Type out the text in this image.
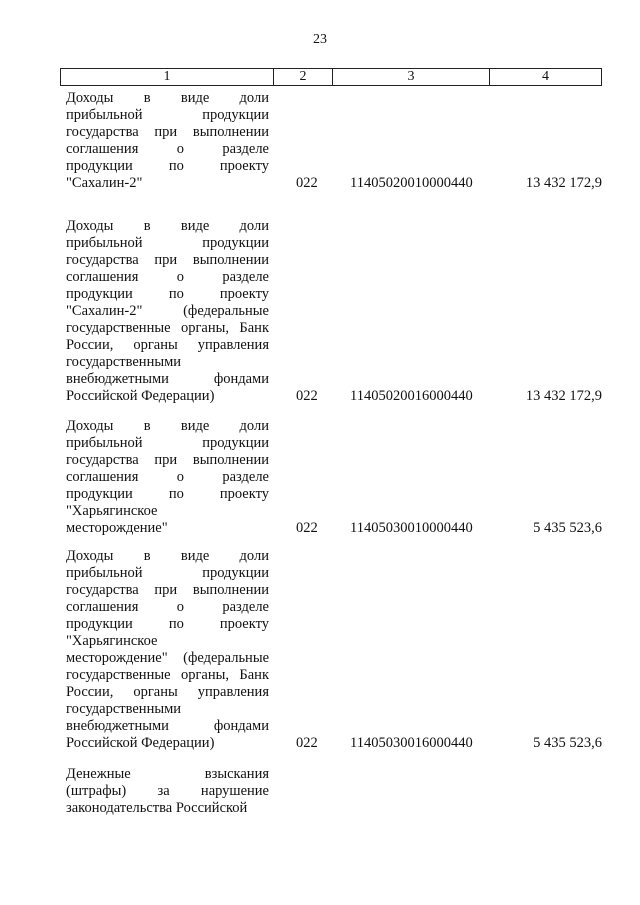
23
1	2	3	4
Доходы в виде доли
прибыльной продукции
государства при выполнении
соглашения о разделе
продукции по проекту
"Сахалин-2"	022 11405020010000440	13 432 172,9
Доходы в виде доли
прибыльной продукции
государства при выполнении
соглашения о разделе
продукции по проекту
"Сахалин-2" (федеральные
государственные органы, Банк
России, органы управления
государственными
внебюджетными фондами
Российской Федерации)	022 11405020016000440	13 432 172,9
Доходы в виде доли
прибыльной продукции
государства при выполнении
соглашения о разделе
продукции по проекту
"Харьягинское
месторождение"	022 11405030010000440	5 435 523,6
Доходы в виде доли
прибыльной продукции
государства при выполнении
соглашения о разделе
продукции по проекту
"Харьягинское
месторождение" (федеральные
государственные органы, Банк
России, органы управления
государственными
внебюджетными фондами
Российской Федерации)	022 11405030016000440	5 435 523,6
Денежные взыскания
(штрафы) за нарушение
законодательства Российской
